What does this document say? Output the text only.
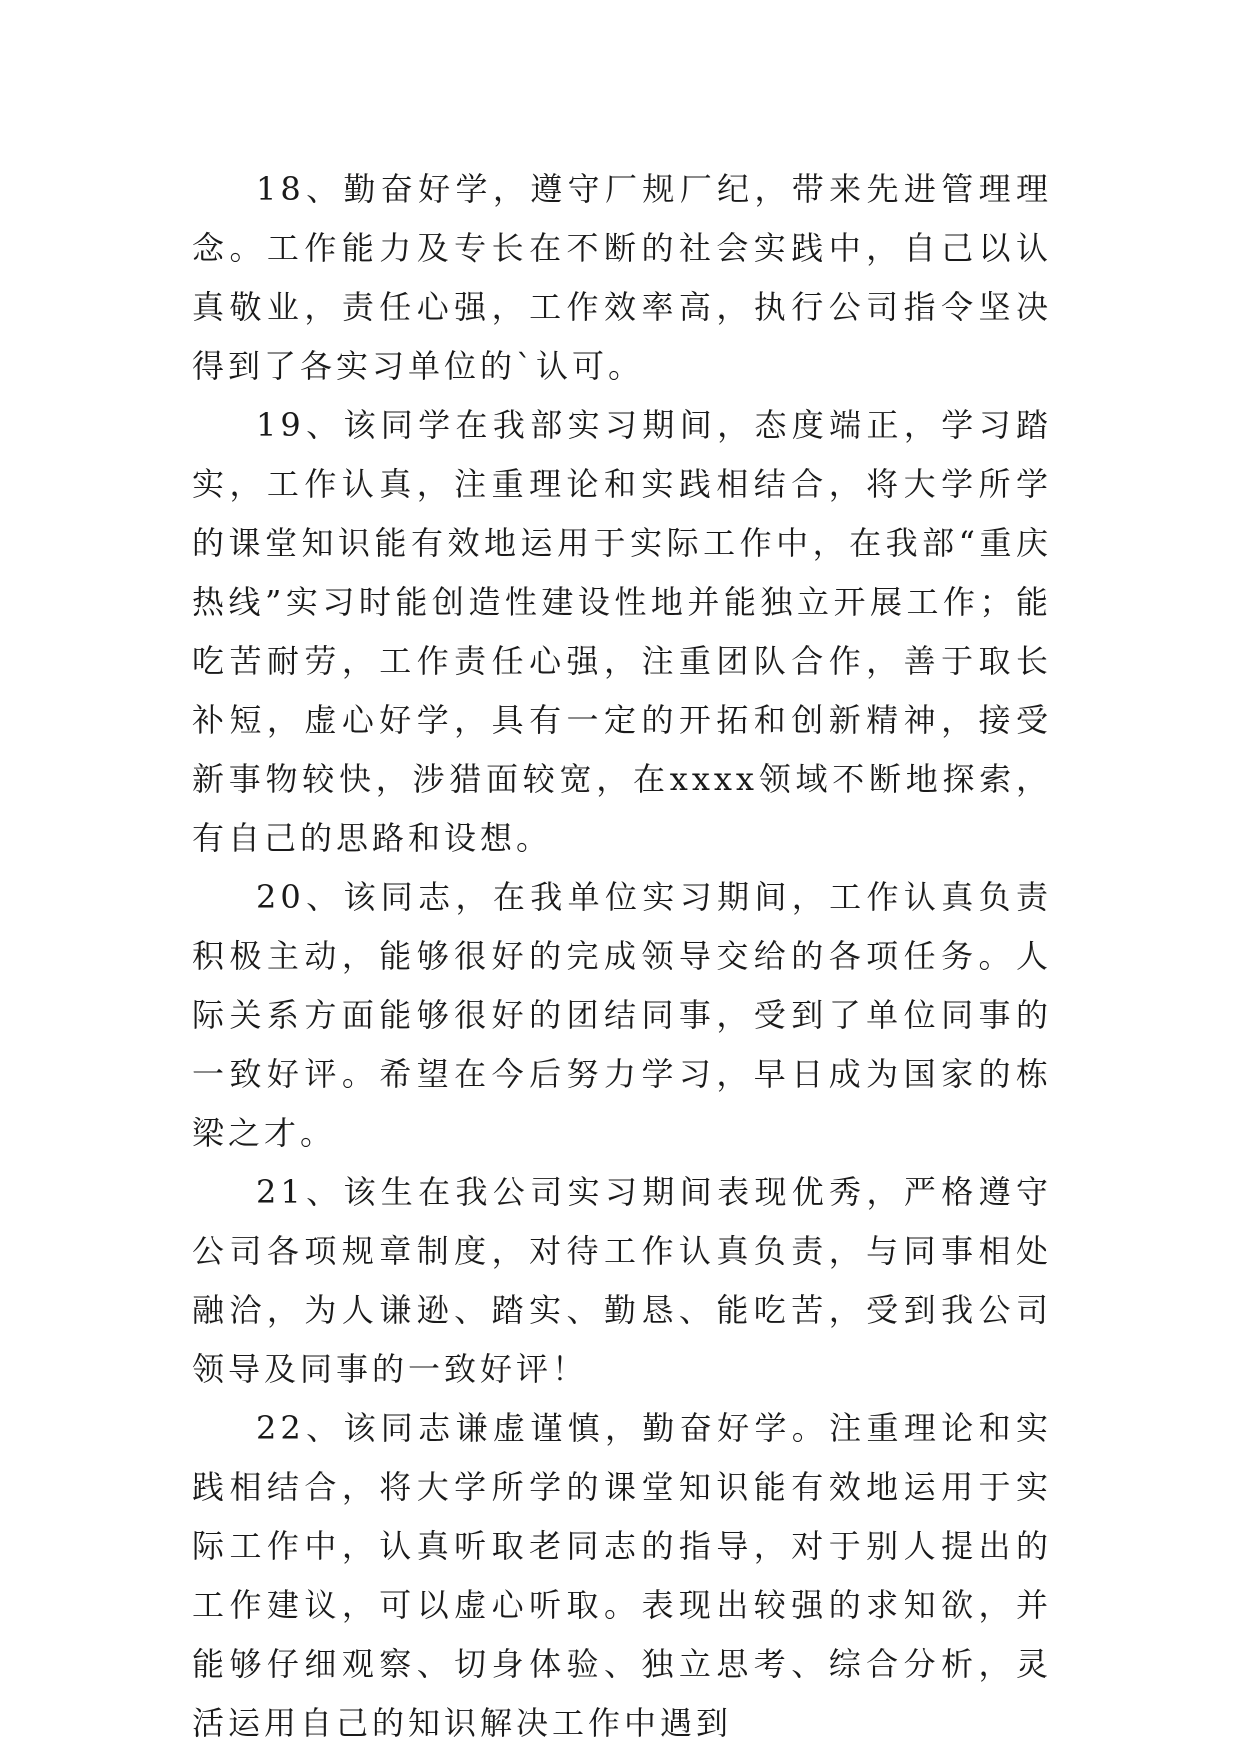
18、勤奋好学，遵守厂规厂纪，带来先进管理理念。工作能力及专长在不断的社会实践中，自己以认真敬业，责任心强，工作效率高，执行公司指令坚决得到了各实习单位的`认可。

19、该同学在我部实习期间，态度端正，学习踏实，工作认真，注重理论和实践相结合，将大学所学的课堂知识能有效地运用于实际工作中，在我部“重庆热线”实习时能创造性建设性地并能独立开展工作；能吃苦耐劳，工作责任心强，注重团队合作，善于取长补短，虚心好学，具有一定的开拓和创新精神，接受新事物较快，涉猎面较宽，在xxxx领域不断地探索，有自己的思路和设想。

20、该同志，在我单位实习期间，工作认真负责积极主动，能够很好的完成领导交给的各项任务。人际关系方面能够很好的团结同事，受到了单位同事的一致好评。希望在今后努力学习，早日成为国家的栋梁之才。

21、该生在我公司实习期间表现优秀，严格遵守公司各项规章制度，对待工作认真负责，与同事相处融洽，为人谦逊、踏实、勤恳、能吃苦，受到我公司领导及同事的一致好评！

22、该同志谦虚谨慎，勤奋好学。注重理论和实践相结合，将大学所学的课堂知识能有效地运用于实际工作中，认真听取老同志的指导，对于别人提出的工作建议，可以虚心听取。表现出较强的求知欲，并能够仔细观察、切身体验、独立思考、综合分析，灵活运用自己的知识解决工作中遇到
